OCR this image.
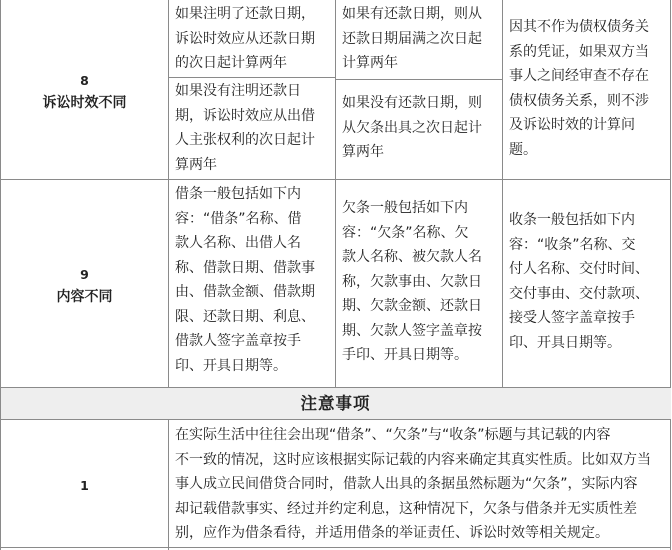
8
诉讼时效不同
如果注明了还款日期，
诉讼时效应从还款日期
的次日起计算两年
如果没有注明还款日
期，诉讼时效应从出借
人主张权利的次日起计
算两年
如果有还款日期，则从
还款日期届满之次日起
计算两年
如果没有还款日期，则
从欠条出具之次日起计
算两年
因其不作为债权债务关
系的凭证，如果双方当
事人之间经审查不存在
债权债务关系，则不涉
及诉讼时效的计算问
题。
9
内容不同
借条一般包括如下内
容：“借条”名称、借
款人名称、出借人名
称、借款日期、借款事
由、借款金额、借款期
限、还款日期、利息、
借款人签字盖章按手
印、开具日期等。
欠条一般包括如下内
容：“欠条”名称、欠
款人名称、被欠款人名
称，欠款事由、欠款日
期、欠款金额、还款日
期、欠款人签字盖章按
手印、开具日期等。
收条一般包括如下内
容：“收条”名称、交
付人名称、交付时间、
交付事由、交付款项、
接受人签字盖章按手
印、开具日期等。
注意事项
1
在实际生活中往往会出现“借条”、“欠条”与“收条”标题与其记载的内容
不一致的情况，这时应该根据实际记载的内容来确定其真实性质。比如双方当
事人成立民间借贷合同时，借款人出具的条据虽然标题为“欠条”，实际内容
却记载借款事实、经过并约定利息，这种情况下，欠条与借条并无实质性差
别，应作为借条看待，并适用借条的举证责任、诉讼时效等相关规定。
